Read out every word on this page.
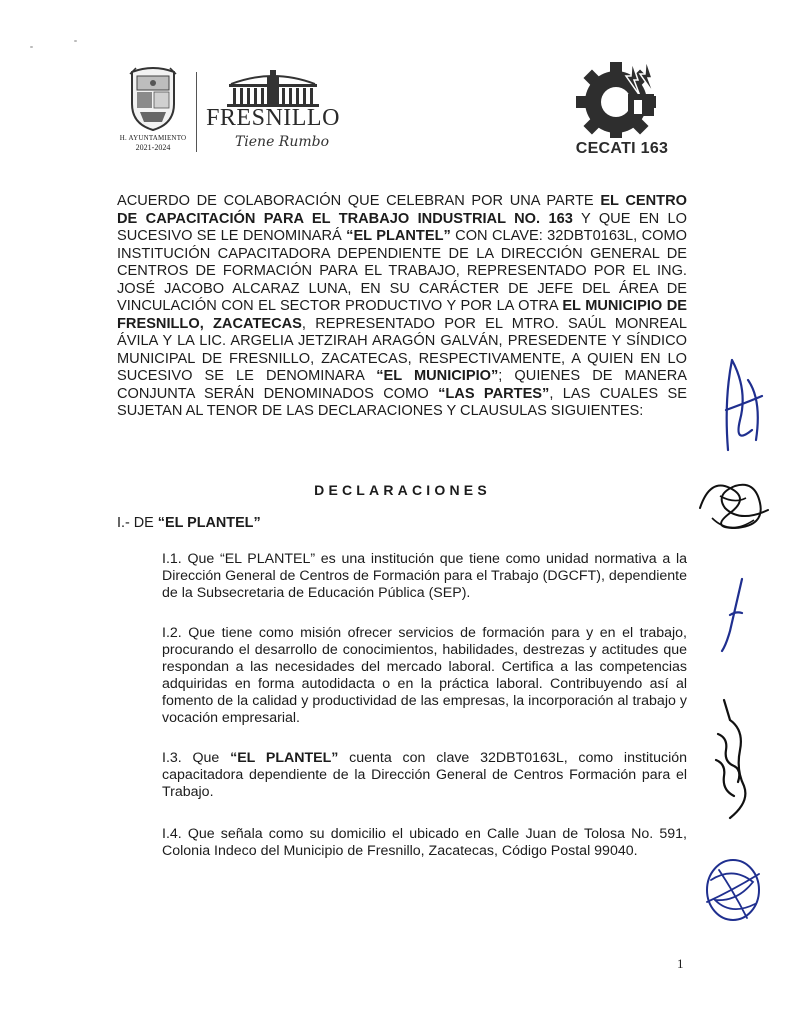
H. AYUNTAMIENTO
2021-2024
FRESNILLO
Tiene Rumbo	CECATI 163

ACUERDO DE COLABORACIÓN QUE CELEBRAN POR UNA PARTE EL CENTRO DE CAPACITACIÓN PARA EL TRABAJO INDUSTRIAL NO. 163 Y QUE EN LO SUCESIVO SE LE DENOMINARÁ “EL PLANTEL” CON CLAVE: 32DBT0163L, COMO INSTITUCIÓN CAPACITADORA DEPENDIENTE DE LA DIRECCIÓN GENERAL DE CENTROS DE FORMACIÓN PARA EL TRABAJO, REPRESENTADO POR EL ING. JOSÉ JACOBO ALCARAZ LUNA, EN SU CARÁCTER DE JEFE DEL ÁREA DE VINCULACIÓN CON EL SECTOR PRODUCTIVO Y POR LA OTRA EL MUNICIPIO DE FRESNILLO, ZACATECAS, REPRESENTADO POR EL MTRO. SAÚL MONREAL ÁVILA Y LA LIC. ARGELIA JETZIRAH ARAGÓN GALVÁN, PRESEDENTE Y SÍNDICO MUNICIPAL DE FRESNILLO, ZACATECAS, RESPECTIVAMENTE, A QUIEN EN LO SUCESIVO SE LE DENOMINARA “EL MUNICIPIO”; QUIENES DE MANERA CONJUNTA SERÁN DENOMINADOS COMO “LAS PARTES”, LAS CUALES SE SUJETAN AL TENOR DE LAS DECLARACIONES Y CLAUSULAS SIGUIENTES:

DECLARACIONES

I.- DE “EL PLANTEL”

I.1. Que “EL PLANTEL” es una institución que tiene como unidad normativa a la Dirección General de Centros de Formación para el Trabajo (DGCFT), dependiente de la Subsecretaria de Educación Pública (SEP).

I.2. Que tiene como misión ofrecer servicios de formación para y en el trabajo, procurando el desarrollo de conocimientos, habilidades, destrezas y actitudes que respondan a las necesidades del mercado laboral. Certifica a las competencias adquiridas en forma autodidacta o en la práctica laboral. Contribuyendo así al fomento de la calidad y productividad de las empresas, la incorporación al trabajo y vocación empresarial.

I.3. Que “EL PLANTEL” cuenta con clave 32DBT0163L, como institución capacitadora dependiente de la Dirección General de Centros Formación para el Trabajo.

I.4. Que señala como su domicilio el ubicado en Calle Juan de Tolosa No. 591, Colonia Indeco del Municipio de Fresnillo, Zacatecas, Código Postal 99040.

1
